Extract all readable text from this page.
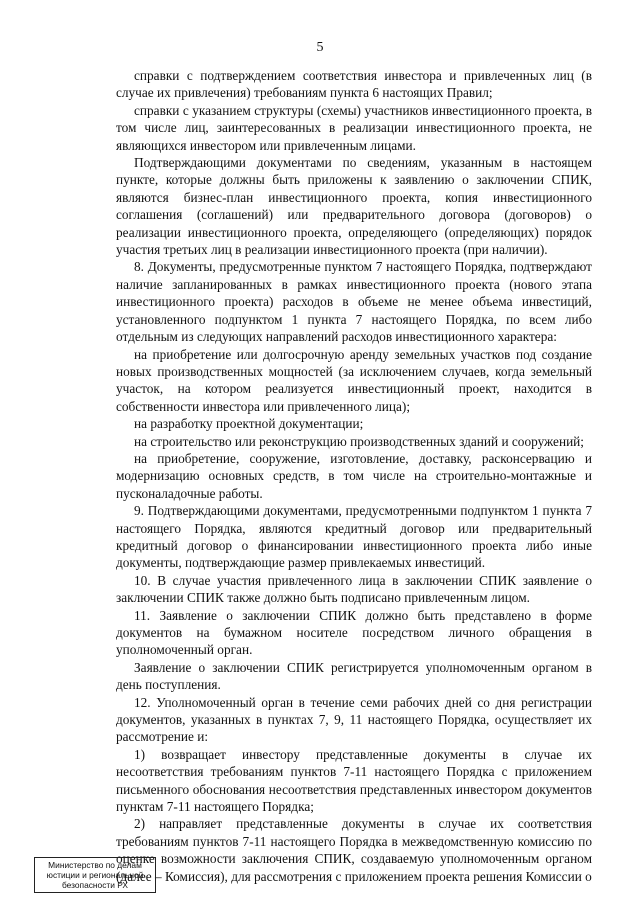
5

справки с подтверждением соответствия инвестора и привлеченных лиц (в случае их привлечения) требованиям пункта 6 настоящих Правил;

справки с указанием структуры (схемы) участников инвестиционного проекта, в том числе лиц, заинтересованных в реализации инвестиционного проекта, не являющихся инвестором или привлеченным лицами.

Подтверждающими документами по сведениям, указанным в настоящем пункте, которые должны быть приложены к заявлению о заключении СПИК, являются бизнес-план инвестиционного проекта, копия инвестиционного соглашения (соглашений) или предварительного договора (договоров) о реализации инвестиционного проекта, определяющего (определяющих) порядок участия третьих лиц в реализации инвестиционного проекта (при наличии).

8. Документы, предусмотренные пунктом 7 настоящего Порядка, подтверждают наличие запланированных в рамках инвестиционного проекта (нового этапа инвестиционного проекта) расходов в объеме не менее объема инвестиций, установленного подпунктом 1 пункта 7 настоящего Порядка, по всем либо отдельным из следующих направлений расходов инвестиционного характера:

на приобретение или долгосрочную аренду земельных участков под создание новых производственных мощностей (за исключением случаев, когда земельный участок, на котором реализуется инвестиционный проект, находится в собственности инвестора или привлеченного лица);

на разработку проектной документации;

на строительство или реконструкцию производственных зданий и сооружений;

на приобретение, сооружение, изготовление, доставку, расконсервацию и модернизацию основных средств, в том числе на строительно-монтажные и пусконаладочные работы.

9. Подтверждающими документами, предусмотренными подпунктом 1 пункта 7 настоящего Порядка, являются кредитный договор или предварительный кредитный договор о финансировании инвестиционного проекта либо иные документы, подтверждающие размер привлекаемых инвестиций.

10. В случае участия привлеченного лица в заключении СПИК заявление о заключении СПИК также должно быть подписано привлеченным лицом.

11. Заявление о заключении СПИК должно быть представлено в форме документов на бумажном носителе посредством личного обращения в уполномоченный орган.

Заявление о заключении СПИК регистрируется уполномоченным органом в день поступления.

12. Уполномоченный орган в течение семи рабочих дней со дня регистрации документов, указанных в пунктах 7, 9, 11 настоящего Порядка, осуществляет их рассмотрение и:

1) возвращает инвестору представленные документы в случае их несоответствия требованиям пунктов 7-11 настоящего Порядка с приложением письменного обоснования несоответствия представленных инвестором документов пунктам 7-11 настоящего Порядка;

2) направляет представленные документы в случае их соответствия требованиям пунктов 7-11 настоящего Порядка в межведомственную комиссию по оценке возможности заключения СПИК, создаваемую уполномоченным органом (далее – Комиссия), для рассмотрения с приложением проекта решения Комиссии о

Министерство по делам
юстиции и региональной
безопасности РХ
